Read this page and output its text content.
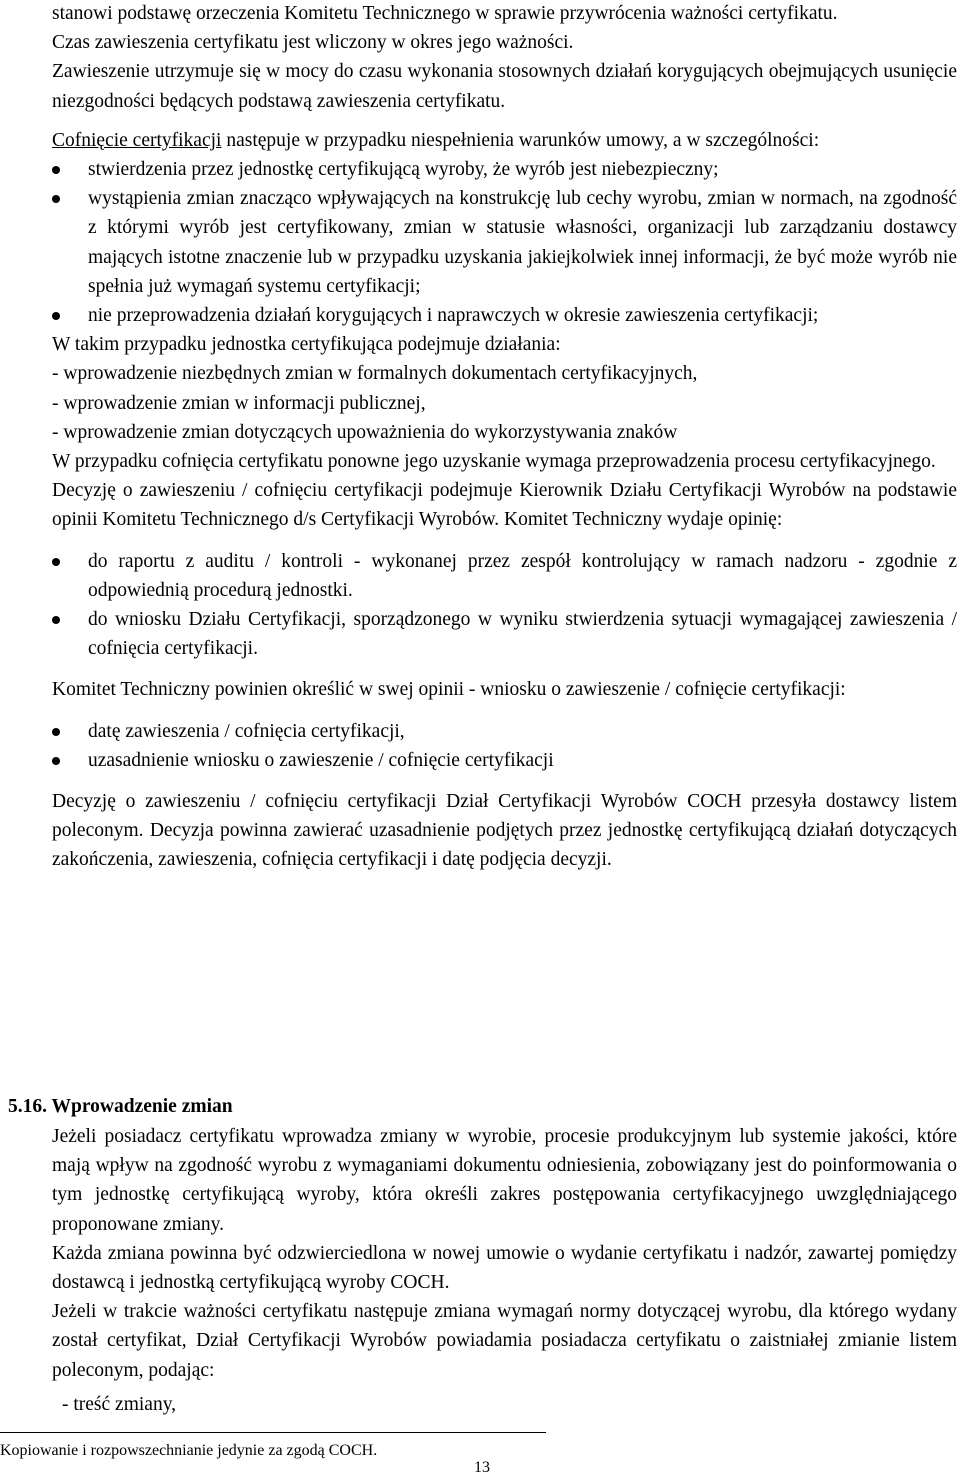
stanowi podstawę orzeczenia Komitetu Technicznego w sprawie przywrócenia ważności certyfikatu.

Czas zawieszenia certyfikatu jest wliczony w okres jego ważności.

Zawieszenie utrzymuje się w mocy do czasu wykonania stosownych działań korygujących obejmujących usunięcie niezgodności będących podstawą zawieszenia certyfikatu.

Cofnięcie certyfikacji następuje w przypadku niespełnienia warunków umowy, a w szczególności:

stwierdzenia przez jednostkę certyfikującą wyroby, że wyrób jest niebezpieczny;
wystąpienia zmian znacząco wpływających na konstrukcję lub cechy wyrobu, zmian w normach, na zgodność z którymi wyrób jest certyfikowany, zmian w statusie własności, organizacji lub zarządzaniu dostawcy mających istotne znaczenie lub w przypadku uzyskania jakiejkolwiek innej informacji, że być może wyrób nie spełnia już wymagań systemu certyfikacji;
nie przeprowadzenia działań korygujących i naprawczych w okresie zawieszenia certyfikacji;

W takim przypadku jednostka certyfikująca podejmuje działania:

- wprowadzenie niezbędnych zmian w formalnych dokumentach certyfikacyjnych,

- wprowadzenie zmian w informacji publicznej,

- wprowadzenie zmian dotyczących upoważnienia do wykorzystywania znaków

W przypadku cofnięcia certyfikatu ponowne jego uzyskanie wymaga przeprowadzenia procesu certyfikacyjnego.

Decyzję o zawieszeniu / cofnięciu certyfikacji podejmuje Kierownik Działu Certyfikacji Wyrobów na podstawie opinii Komitetu Technicznego d/s Certyfikacji Wyrobów. Komitet Techniczny wydaje opinię:

do raportu z auditu / kontroli - wykonanej przez zespół kontrolujący w ramach nadzoru - zgodnie z odpowiednią procedurą jednostki.
do wniosku Działu Certyfikacji, sporządzonego w wyniku stwierdzenia sytuacji wymagającej zawieszenia / cofnięcia certyfikacji.

Komitet Techniczny powinien określić w swej opinii - wniosku o zawieszenie / cofnięcie certyfikacji:

datę zawieszenia / cofnięcia certyfikacji,
uzasadnienie wniosku o zawieszenie / cofnięcie certyfikacji

Decyzję o zawieszeniu / cofnięciu certyfikacji Dział Certyfikacji Wyrobów COCH przesyła dostawcy listem poleconym. Decyzja powinna zawierać uzasadnienie podjętych przez jednostkę certyfikującą działań dotyczących zakończenia, zawieszenia, cofnięcia certyfikacji i datę podjęcia decyzji.

5.16. Wprowadzenie zmian

Jeżeli posiadacz certyfikatu wprowadza zmiany w wyrobie, procesie produkcyjnym lub systemie jakości, które mają wpływ na zgodność wyrobu z wymaganiami dokumentu odniesienia, zobowiązany jest do poinformowania o tym jednostkę certyfikującą wyroby, która określi zakres postępowania certyfikacyjnego uwzględniającego proponowane zmiany.

Każda zmiana powinna być odzwierciedlona w nowej umowie o wydanie certyfikatu i nadzór, zawartej pomiędzy dostawcą i jednostką certyfikującą wyroby COCH.

Jeżeli w trakcie ważności certyfikatu następuje zmiana wymagań normy dotyczącej wyrobu, dla którego wydany został certyfikat, Dział Certyfikacji Wyrobów powiadamia posiadacza certyfikatu o zaistniałej zmianie listem poleconym, podając:

- treść zmiany,

Kopiowanie i rozpowszechnianie jedynie za zgodą COCH.
13
